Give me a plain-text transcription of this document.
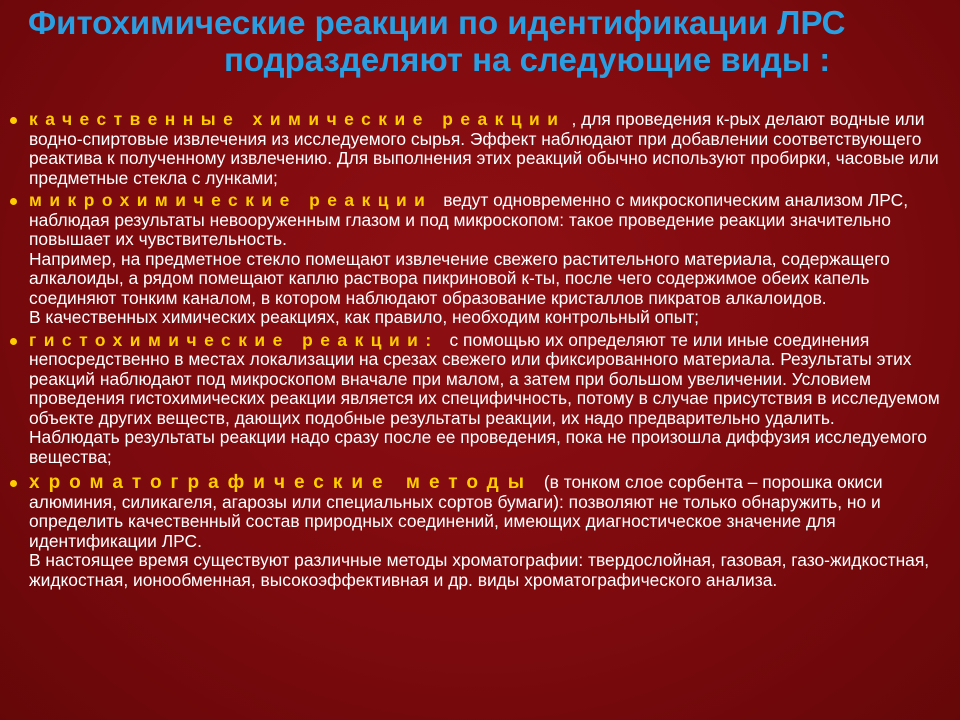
Фитохимические реакции по идентификации ЛРС
подразделяют на следующие виды :
качественные химические реакции , для проведения к-рых делают водные или водно-спиртовые извлечения из исследуемого сырья. Эффект наблюдают при добавлении соответствующего реактива к полученному извлечению. Для выполнения этих реакций обычно используют пробирки, часовые или предметные стекла с лунками;
микрохимические реакции ведут одновременно с микроскопическим анализом ЛРС, наблюдая результаты невооруженным глазом и под микроскопом: такое проведение реакции значительно повышает их чувствительность.
Например, на предметное стекло помещают извлечение свежего растительного материала, содержащего алкалоиды, а рядом помещают каплю раствора пикриновой к-ты, после чего содержимое обеих капель соединяют тонким каналом, в котором наблюдают образование кристаллов пикратов алкалоидов.
В качественных химических реакциях, как правило, необходим контрольный опыт;
гистохимические реакции: с помощью их определяют те или иные соединения непосредственно в местах локализации на срезах свежего или фиксированного материала. Результаты этих реакций наблюдают под микроскопом вначале при малом, а затем при большом увеличении. Условием проведения гистохимических реакции является их специфичность, потому в случае присутствия в исследуемом объекте других веществ, дающих подобные результаты реакции, их надо предварительно удалить.
Наблюдать результаты реакции надо сразу после ее проведения, пока не произошла диффузия исследуемого вещества;
хроматографические методы (в тонком слое сорбента – порошка окиси алюминия, силикагеля, агарозы или специальных сортов бумаги): позволяют не только обнаружить, но и определить качественный состав природных соединений, имеющих диагностическое значение для идентификации ЛРС.
В настоящее время существуют различные методы хроматографии: твердослойная, газовая, газо-жидкостная, жидкостная, ионообменная, высокоэффективная и др. виды хроматографического анализа.
